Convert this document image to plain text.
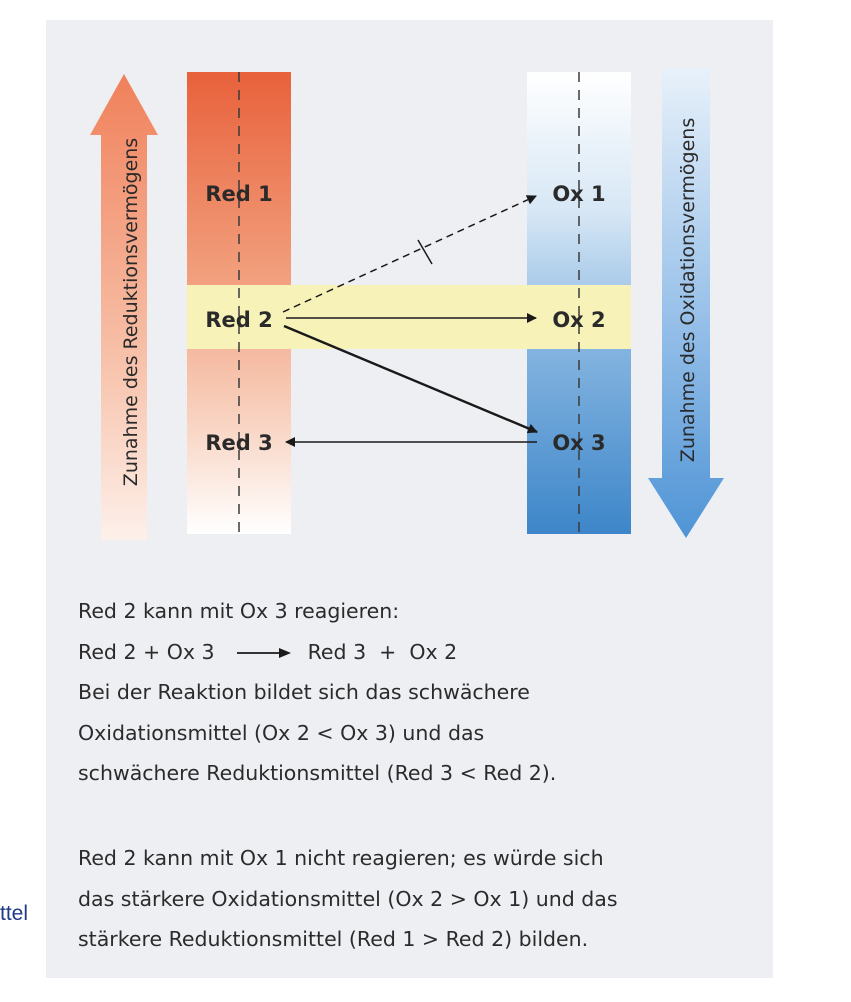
Red 1
Red 2
Red 3
Ox 1
Ox 2
Ox 3
Zunahme des Reduktionsvermögens	Zunahme des Oxidationsvermögens
Red 2 kann mit Ox 3 reagieren:
Red 2 + Ox 3 → Red 3  +  Ox 2
Bei der Reaktion bildet sich das schwächere
Oxidationsmittel (Ox 2 < Ox 3) und das
schwächere Reduktionsmittel (Red 3 < Red 2).
Red 2 kann mit Ox 1 nicht reagieren; es würde sich
das stärkere Oxidationsmittel (Ox 2 > Ox 1) und das
stärkere Reduktionsmittel (Red 1 > Red 2) bilden.
ttel
